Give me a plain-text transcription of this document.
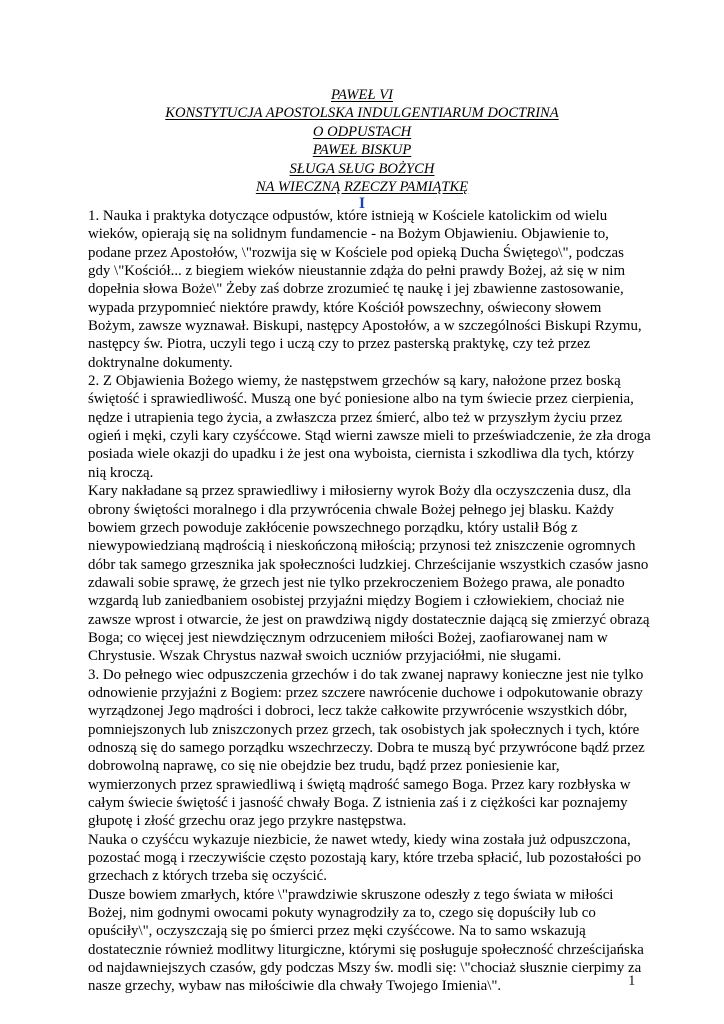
PAWEŁ VI
KONSTYTUCJA APOSTOLSKA INDULGENTIARUM DOCTRINA
O ODPUSTACH
PAWEŁ BISKUP
SŁUGA SŁUG BOŻYCH
NA WIECZNĄ RZECZY PAMIĄTKĘ
I
1. Nauka i praktyka dotyczące odpustów, które istnieją w Kościele katolickim od wielu
wieków, opierają się na solidnym fundamencie - na Bożym Objawieniu. Objawienie to,
podane przez Apostołów, \"rozwija się w Kościele pod opieką Ducha Świętego\", podczas
gdy \"Kościół... z biegiem wieków nieustannie zdąża do pełni prawdy Bożej, aż się w nim
dopełnia słowa Boże\" Żeby zaś dobrze zrozumieć tę naukę i jej zbawienne zastosowanie,
wypada przypomnieć niektóre prawdy, które Kościół powszechny, oświecony słowem
Bożym, zawsze wyznawał. Biskupi, następcy Apostołów, a w szczególności Biskupi Rzymu,
następcy św. Piotra, uczyli tego i uczą czy to przez pasterską praktykę, czy też przez
doktrynalne dokumenty.
2. Z Objawienia Bożego wiemy, że następstwem grzechów są kary, nałożone przez boską
świętość i sprawiedliwość. Muszą one być poniesione albo na tym świecie przez cierpienia,
nędze i utrapienia tego życia, a zwłaszcza przez śmierć, albo też w przyszłym życiu przez
ogień i męki, czyli kary czyśćcowe. Stąd wierni zawsze mieli to przeświadczenie, że zła droga
posiada wiele okazji do upadku i że jest ona wyboista, ciernista i szkodliwa dla tych, którzy
nią kroczą.
Kary nakładane są przez sprawiedliwy i miłosierny wyrok Boży dla oczyszczenia dusz, dla
obrony świętości moralnego i dla przywrócenia chwale Bożej pełnego jej blasku. Każdy
bowiem grzech powoduje zakłócenie powszechnego porządku, który ustalił Bóg z
niewypowiedzianą mądrością i nieskończoną miłością; przynosi też zniszczenie ogromnych
dóbr tak samego grzesznika jak społeczności ludzkiej. Chrześcijanie wszystkich czasów jasno
zdawali sobie sprawę, że grzech jest nie tylko przekroczeniem Bożego prawa, ale ponadto
wzgardą lub zaniedbaniem osobistej przyjaźni między Bogiem i człowiekiem, chociaż nie
zawsze wprost i otwarcie, że jest on prawdziwą nigdy dostatecznie dającą się zmierzyć obrazą
Boga; co więcej jest niewdzięcznym odrzuceniem miłości Bożej, zaofiarowanej nam w
Chrystusie. Wszak Chrystus nazwał swoich uczniów przyjaciółmi, nie sługami.
3. Do pełnego wiec odpuszczenia grzechów i do tak zwanej naprawy konieczne jest nie tylko
odnowienie przyjaźni z Bogiem: przez szczere nawrócenie duchowe i odpokutowanie obrazy
wyrządzonej Jego mądrości i dobroci, lecz także całkowite przywrócenie wszystkich dóbr,
pomniejszonych lub zniszczonych przez grzech, tak osobistych jak społecznych i tych, które
odnoszą się do samego porządku wszechrzeczy. Dobra te muszą być przywrócone bądź przez
dobrowolną naprawę, co się nie obejdzie bez trudu, bądź przez poniesienie kar,
wymierzonych przez sprawiedliwą i świętą mądrość samego Boga. Przez kary rozbłyska w
całym świecie świętość i jasność chwały Boga. Z istnienia zaś i z ciężkości kar poznajemy
głupotę i złość grzechu oraz jego przykre następstwa.
Nauka o czyśćcu wykazuje niezbicie, że nawet wtedy, kiedy wina została już odpuszczona,
pozostać mogą i rzeczywiście często pozostają kary, które trzeba spłacić, lub pozostałości po
grzechach z których trzeba się oczyścić.
Dusze bowiem zmarłych, które \"prawdziwie skruszone odeszły z tego świata w miłości
Bożej, nim godnymi owocami pokuty wynagrodziły za to, czego się dopuściły lub co
opuściły\", oczyszczają się po śmierci przez męki czyśćcowe. Na to samo wskazują
dostatecznie również modlitwy liturgiczne, którymi się posługuje społeczność chrześcijańska
od najdawniejszych czasów, gdy podczas Mszy św. modli się: \"chociaż słusznie cierpimy za
nasze grzechy, wybaw nas miłościwie dla chwały Twojego Imienia\".	1
